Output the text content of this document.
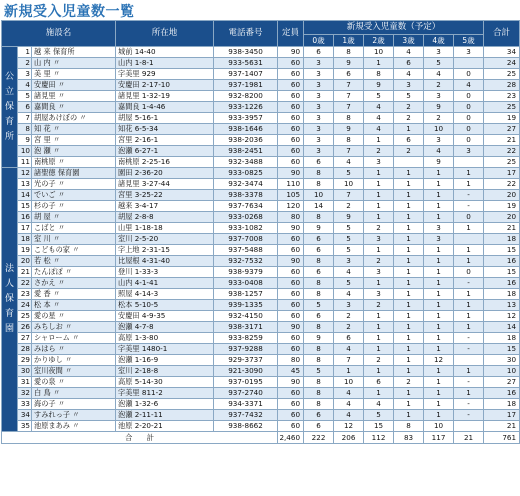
新規受入児童数一覧
施設名			所在地	電話番号	定員	新規受入児童数（予定）						合計
						0歳	1歳	2歳	3歳	4歳	5歳	
公立保育所	1	越 来 保育所	城前 14-40	938-3450	90	6	8	10	4	3	3	34
	2	山 内 〃	山内 1-8-1	933-5631	60	3	9	1	6	5		24
	3	美 里 〃	字美里 929	937-1407	60	3	6	8	4	4	0	25
	4	安慶田 〃	安慶田 2-17-10	937-1981	60	3	7	9	3	2	4	28
	5	諸見里 〃	諸見里 1-32-19	932-8200	60	3	7	5	5	3	0	23
	6	嘉間良 〃	嘉間良 1-4-46	933-1226	60	3	7	4	2	9	0	25
	7	胡屋あけぼの 〃	胡屋 5-16-1	933-3957	60	3	8	4	2	2	0	19
	8	知 花 〃	知花 6-5-34	938-1646	60	3	9	4	1	10	0	27
	9	宮 里 〃	宮里 2-16-1	938-2036	60	3	8	1	6	3	0	21
	10	泡 瀬 〃	泡瀬 6-27-1	938-2451	60	3	7	2	2	4	3	22
	11	南桃原 〃	南桃原 2-25-16	932-3488	60	6	4	3		9		25
法人保育園	12	諸聖徳 保育園	園田 2-36-20	933-0825	90	8	5	1	1	1	1	17
	13	光の子 〃	諸見里 3-27-44	932-3474	110	8	10	1	1	1	1	22
	14	でいご 〃	宮里 3-25-22	938-3378	105	10	7	1	1	1	-	20
	15	杉の子 〃	越来 3-4-17	937-7634	120	14	2	1	1	1	-	19
	16	胡 屋 〃	胡屋 2-8-8	933-0268	80	8	9	1	1	1	0	20
	17	こばと 〃	山里 1-18-18	933-1082	90	9	5	2	1	3	1	21
	18	室 川 〃	室川 2-5-20	937-7008	60	6	5	3	1	3		18
	19	こどもの家 〃	字上地 2-31-15	937-5488	60	6	5	1	1	1	1	15
	20	若 松 〃	比屋根 4-31-40	932-7532	90	8	3	2	1	1	1	16
	21	たんぽぽ 〃	登川 1-33-3	938-9379	60	6	4	3	1	1	0	15
	22	さかえ 〃	山内 4-1-41	933-0408	60	8	5	1	1	1	-	16
	23	愛 香 〃	照屋 4-14-3	938-1257	60	8	4	3	1	1	1	18
	24	松 本 〃	松本 5-10-5	939-1335	60	5	3	2	1	1	1	13
	25	愛の星 〃	安慶田 4-9-35	932-4150	60	6	2	1	1	1	1	12
	26	みちしお 〃	泡瀬 4-7-8	938-3171	90	8	2	1	1	1	1	14
	27	シャローム 〃	高原 1-3-80	933-8259	60	9	6	1	1	1	-	18
	28	みはら 〃	字美里 1480-1	937-9288	60	8	4	1	1	1	-	15
	29	かりゆし 〃	泡瀬 1-16-9	929-3737	80	8	7	2	1	12		30
	30	室川夜間 〃	室川 2-18-8	921-3090	45	5	1	1	1	1	1	10
	31	愛の泉 〃	高原 5-14-30	937-0195	90	8	10	6	2	1	-	27
	32	白 鳥 〃	字美里 811-2	937-2740	60	8	4	1	1	1	1	16
	33	海の子 〃	泡瀬 1-32-6	934-3371	60	8	4	4	1	1	-	18
	34	すみれっ子 〃	泡瀬 2-11-11	937-7432	60	6	4	5	1	1	-	17
	35	池原まあみ 〃	池原 2-20-21	938-8662	60	6	12	15	8	10		21
合　　計					2,460	222	206	112	83	117	21	761
